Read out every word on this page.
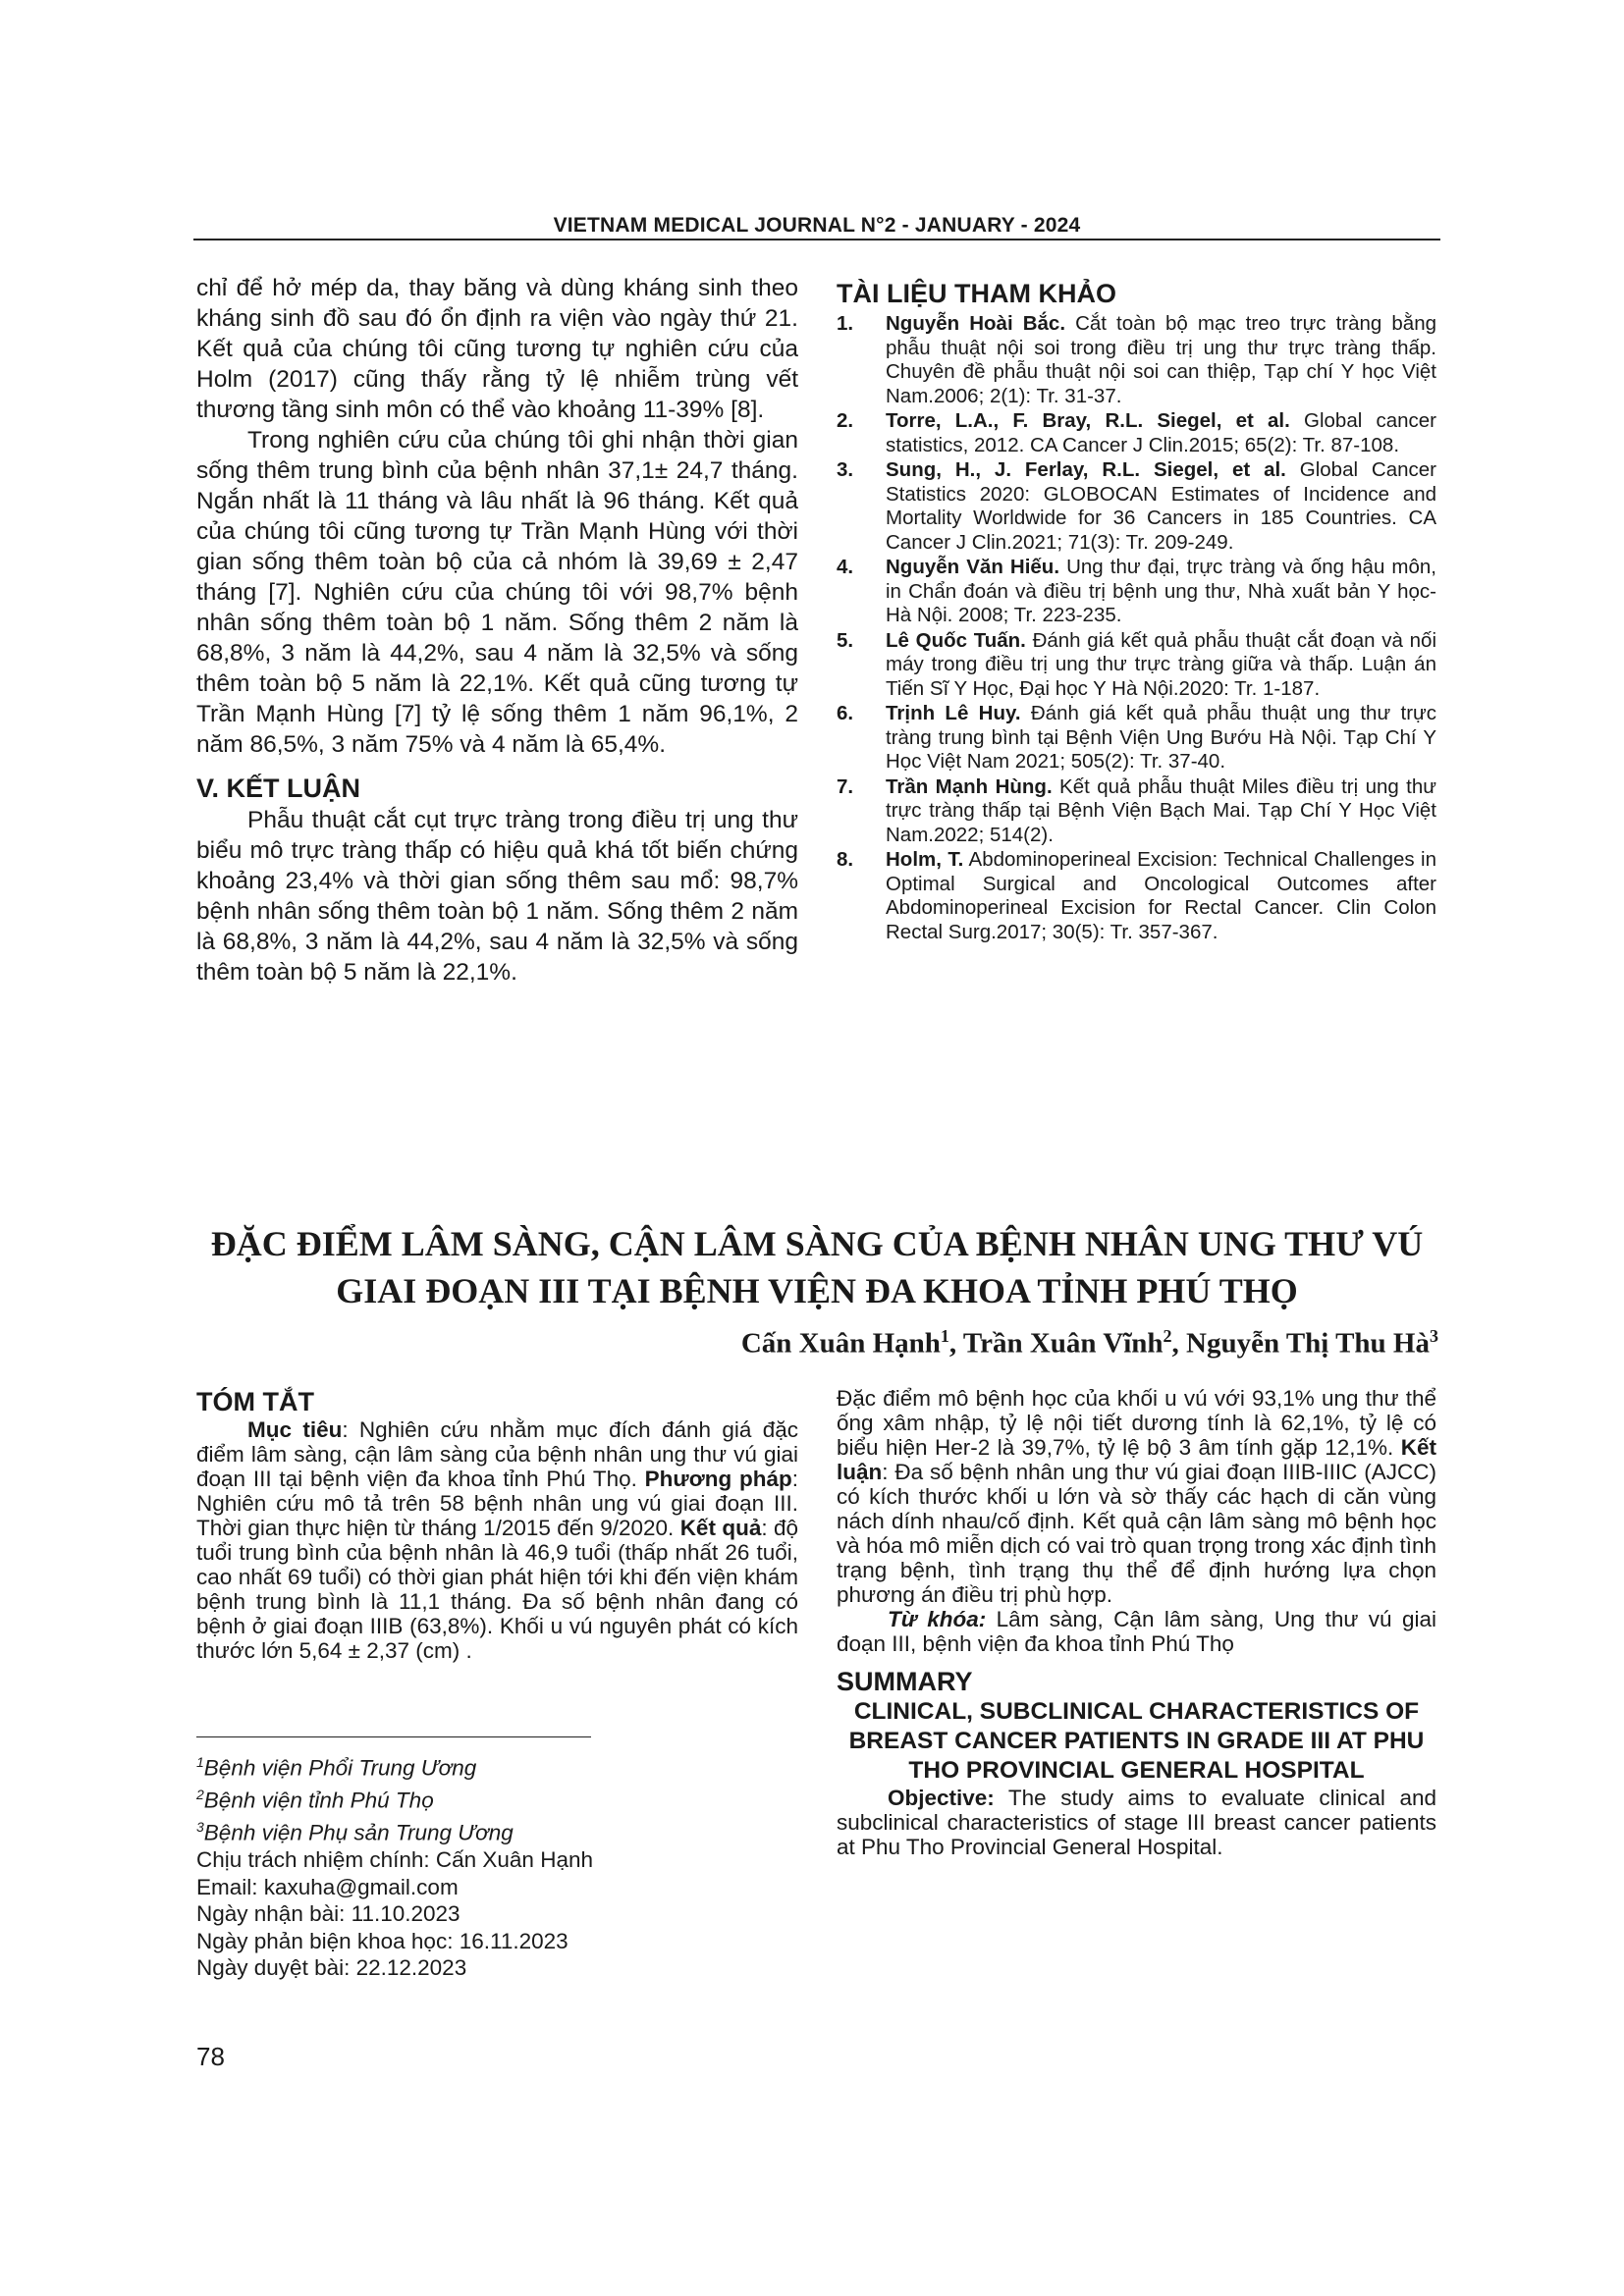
VIETNAM MEDICAL JOURNAL N°2 - JANUARY - 2024

chỉ để hở mép da, thay băng và dùng kháng sinh theo kháng sinh đồ sau đó ổn định ra viện vào ngày thứ 21. Kết quả của chúng tôi cũng tương tự nghiên cứu của Holm (2017) cũng thấy rằng tỷ lệ nhiễm trùng vết thương tầng sinh môn có thể vào khoảng 11-39% [8].

Trong nghiên cứu của chúng tôi ghi nhận thời gian sống thêm trung bình của bệnh nhân 37,1± 24,7 tháng. Ngắn nhất là 11 tháng và lâu nhất là 96 tháng. Kết quả của chúng tôi cũng tương tự Trần Mạnh Hùng với thời gian sống thêm toàn bộ của cả nhóm là 39,69 ± 2,47 tháng [7]. Nghiên cứu của chúng tôi với 98,7% bệnh nhân sống thêm toàn bộ 1 năm. Sống thêm 2 năm là 68,8%, 3 năm là 44,2%, sau 4 năm là 32,5% và sống thêm toàn bộ 5 năm là 22,1%. Kết quả cũng tương tự Trần Mạnh Hùng [7] tỷ lệ sống thêm 1 năm 96,1%, 2 năm 86,5%, 3 năm 75% và 4 năm là 65,4%.

V. KẾT LUẬN

Phẫu thuật cắt cụt trực tràng trong điều trị ung thư biểu mô trực tràng thấp có hiệu quả khá tốt biến chứng khoảng 23,4% và thời gian sống thêm sau mổ: 98,7% bệnh nhân sống thêm toàn bộ 1 năm. Sống thêm 2 năm là 68,8%, 3 năm là 44,2%, sau 4 năm là 32,5% và sống thêm toàn bộ 5 năm là 22,1%.

TÀI LIỆU THAM KHẢO

1. Nguyễn Hoài Bắc. Cắt toàn bộ mạc treo trực tràng bằng phẫu thuật nội soi trong điều trị ung thư trực tràng thấp. Chuyên đề phẫu thuật nội soi can thiệp, Tạp chí Y học Việt Nam.2006; 2(1): Tr. 31-37.
2. Torre, L.A., F. Bray, R.L. Siegel, et al. Global cancer statistics, 2012. CA Cancer J Clin.2015; 65(2): Tr. 87-108.
3. Sung, H., J. Ferlay, R.L. Siegel, et al. Global Cancer Statistics 2020: GLOBOCAN Estimates of Incidence and Mortality Worldwide for 36 Cancers in 185 Countries. CA Cancer J Clin.2021; 71(3): Tr. 209-249.
4. Nguyễn Văn Hiếu. Ung thư đại, trực tràng và ống hậu môn, in Chẩn đoán và điều trị bệnh ung thư, Nhà xuất bản Y học-Hà Nội. 2008; Tr. 223-235.
5. Lê Quốc Tuấn. Đánh giá kết quả phẫu thuật cắt đoạn và nối máy trong điều trị ung thư trực tràng giữa và thấp. Luận án Tiến Sĩ Y Học, Đại học Y Hà Nội.2020: Tr. 1-187.
6. Trịnh Lê Huy. Đánh giá kết quả phẫu thuật ung thư trực tràng trung bình tại Bệnh Viện Ung Bướu Hà Nội. Tạp Chí Y Học Việt Nam 2021; 505(2): Tr. 37-40.
7. Trần Mạnh Hùng. Kết quả phẫu thuật Miles điều trị ung thư trực tràng thấp tại Bệnh Viện Bạch Mai. Tạp Chí Y Học Việt Nam.2022; 514(2).
8. Holm, T. Abdominoperineal Excision: Technical Challenges in Optimal Surgical and Oncological Outcomes after Abdominoperineal Excision for Rectal Cancer. Clin Colon Rectal Surg.2017; 30(5): Tr. 357-367.
ĐẶC ĐIỂM LÂM SÀNG, CẬN LÂM SÀNG CỦA BỆNH NHÂN UNG THƯ VÚ
GIAI ĐOẠN III TẠI BỆNH VIỆN ĐA KHOA TỈNH PHÚ THỌ
Cấn Xuân Hạnh$^1$, Trần Xuân Vĩnh$^2$, Nguyễn Thị Thu $Hà^3$

TÓM TẮT

Mục tiêu: Nghiên cứu nhằm mục đích đánh giá đặc điểm lâm sàng, cận lâm sàng của bệnh nhân ung thư vú giai đoạn III tại bệnh viện đa khoa tỉnh Phú Thọ. Phương pháp: Nghiên cứu mô tả trên 58 bệnh nhân ung vú giai đoạn III. Thời gian thực hiện từ tháng 1/2015 đến 9/2020. Kết quả: độ tuổi trung bình của bệnh nhân là 46,9 tuổi (thấp nhất 26 tuổi, cao nhất 69 tuổi) có thời gian phát hiện tới khi đến viện khám bệnh trung bình là 11,1 tháng. Đa số bệnh nhân đang có bệnh ở giai đoạn IIIB (63,8%). Khối u vú nguyên phát có kích thước lớn 5,64 ± 2,37 (cm) .

Đặc điểm mô bệnh học của khối u vú với 93,1% ung thư thể ống xâm nhập, tỷ lệ nội tiết dương tính là 62,1%, tỷ lệ có biểu hiện Her-2 là 39,7%, tỷ lệ bộ 3 âm tính gặp 12,1%. Kết luận: Đa số bệnh nhân ung thư vú giai đoạn IIIB-IIIC (AJCC) có kích thước khối u lớn và sờ thấy các hạch di căn vùng nách dính nhau/cố định. Kết quả cận lâm sàng mô bệnh học và hóa mô miễn dịch có vai trò quan trọng trong xác định tình trạng bệnh, tình trạng thụ thể để định hướng lựa chọn phương án điều trị phù hợp.

Từ khóa: Lâm sàng, Cận lâm sàng, Ung thư vú giai đoạn III, bệnh viện đa khoa tỉnh Phú Thọ

SUMMARY

CLINICAL, SUBCLINICAL CHARACTERISTICS OF BREAST CANCER PATIENTS IN GRADE III AT PHU THO PROVINCIAL GENERAL HOSPITAL

Objective: The study aims to evaluate clinical and subclinical characteristics of stage III breast cancer patients at Phu Tho Provincial General Hospital.

$^1$Bệnh viện Phổi Trung Ương
$^2$Bệnh viện tỉnh Phú Thọ
$^3$Bệnh viện Phụ sản Trung Ương
Chịu trách nhiệm chính: Cấn Xuân Hạnh
Email: kaxuha@gmail.com
Ngày nhận bài: 11.10.2023
Ngày phản biện khoa học: 16.11.2023
Ngày duyệt bài: 22.12.2023
78
